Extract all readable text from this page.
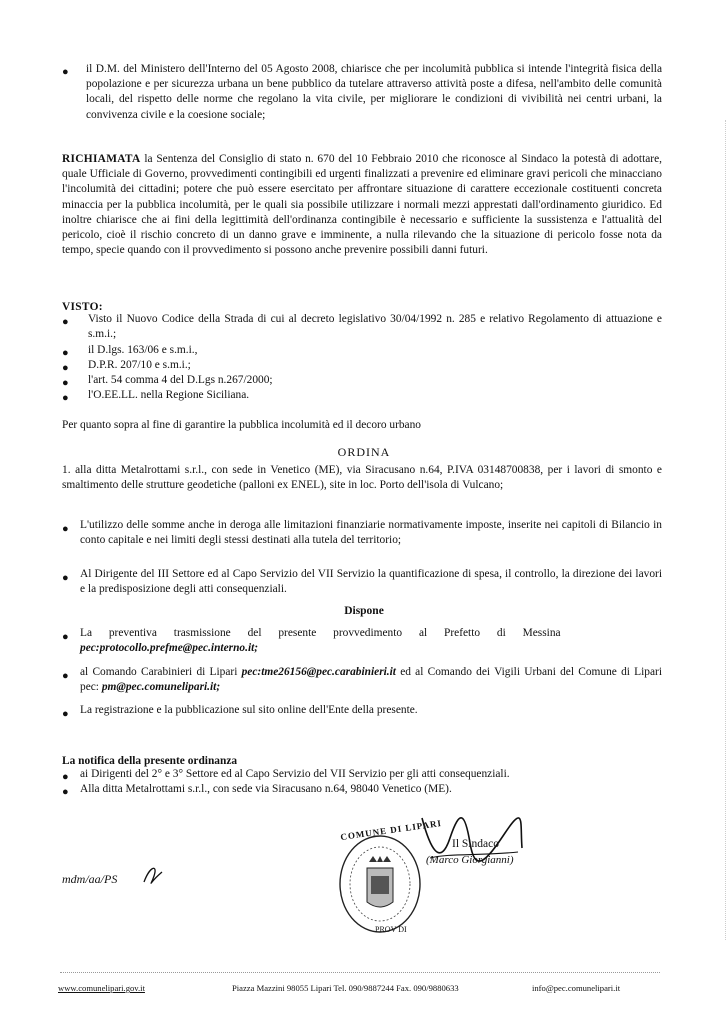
● il D.M. del Ministero dell'Interno del 05 Agosto 2008, chiarisce che per incolumità pubblica si intende l'integrità fisica della popolazione e per sicurezza urbana un bene pubblico da tutelare attraverso attività poste a difesa, nell'ambito delle comunità locali, del rispetto delle norme che regolano la vita civile, per migliorare le condizioni di vivibilità nei centri urbani, la convivenza civile e la coesione sociale;
RICHIAMATA la Sentenza del Consiglio di stato n. 670 del 10 Febbraio 2010 che riconosce al Sindaco la potestà di adottare, quale Ufficiale di Governo, provvedimenti contingibili ed urgenti finalizzati a prevenire ed eliminare gravi pericoli che minacciano l'incolumità dei cittadini; potere che può essere esercitato per affrontare situazione di carattere eccezionale costituenti concreta minaccia per la pubblica incolumità, per le quali sia possibile utilizzare i normali mezzi apprestati dall'ordinamento giuridico. Ed inoltre chiarisce che ai fini della legittimità dell'ordinanza contingibile è necessario e sufficiente la sussistenza e l'attualità del pericolo, cioè il rischio concreto di un danno grave e imminente, a nulla rilevando che la situazione di pericolo fosse nota da tempo, specie quando con il provvedimento si possono anche prevenire possibili danni futuri.
VISTO:
● Visto il Nuovo Codice della Strada di cui al decreto legislativo 30/04/1992 n. 285 e relativo Regolamento di attuazione e s.m.i.;
● il D.lgs. 163/06 e s.m.i.,
● D.P.R. 207/10 e s.m.i.;
● l'art. 54 comma 4 del D.Lgs n.267/2000;
● l'O.EE.LL. nella Regione Siciliana.
Per quanto sopra al fine di garantire la pubblica incolumità ed il decoro urbano
ORDINA
1. alla ditta Metalrottami s.r.l., con sede in Venetico (ME), via Siracusano n.64, P.IVA 03148700838, per i lavori di smonto e smaltimento delle strutture geodetiche (palloni ex ENEL), site in loc. Porto dell'isola di Vulcano;
● L'utilizzo delle somme anche in deroga alle limitazioni finanziarie normativamente imposte, inserite nei capitoli di Bilancio in conto capitale e nei limiti degli stessi destinati alla tutela del territorio;
● Al Dirigente del III Settore ed al Capo Servizio del VII Servizio la quantificazione di spesa, il controllo, la direzione dei lavori e la predisposizione degli atti consequenziali.
Dispone
● La preventiva trasmissione del presente provvedimento al Prefetto di Messina
pec:protocollo.prefme@pec.interno.it;
● al Comando Carabinieri di Lipari pec:tme26156@pec.carabinieri.it ed al Comando dei Vigili Urbani del Comune di Lipari pec: pm@pec.comunelipari.it;
● La registrazione e la pubblicazione sul sito online dell'Ente della presente.
La notifica della presente ordinanza
● ai Dirigenti del 2° e 3° Settore ed al Capo Servizio del VII Servizio per gli atti consequenziali.
● Alla ditta Metalrottami s.r.l., con sede via Siracusano n.64, 98040 Venetico (ME).
COMUNE DI LIPARI
PROV DI
Il Sindaco
(Marco Giorgianni)
mdm/aa/PS
www.comunelipari.gov.it	Piazza Mazzini 98055 Lipari Tel. 090/9887244 Fax. 090/9880633	info@pec.comunelipari.it
